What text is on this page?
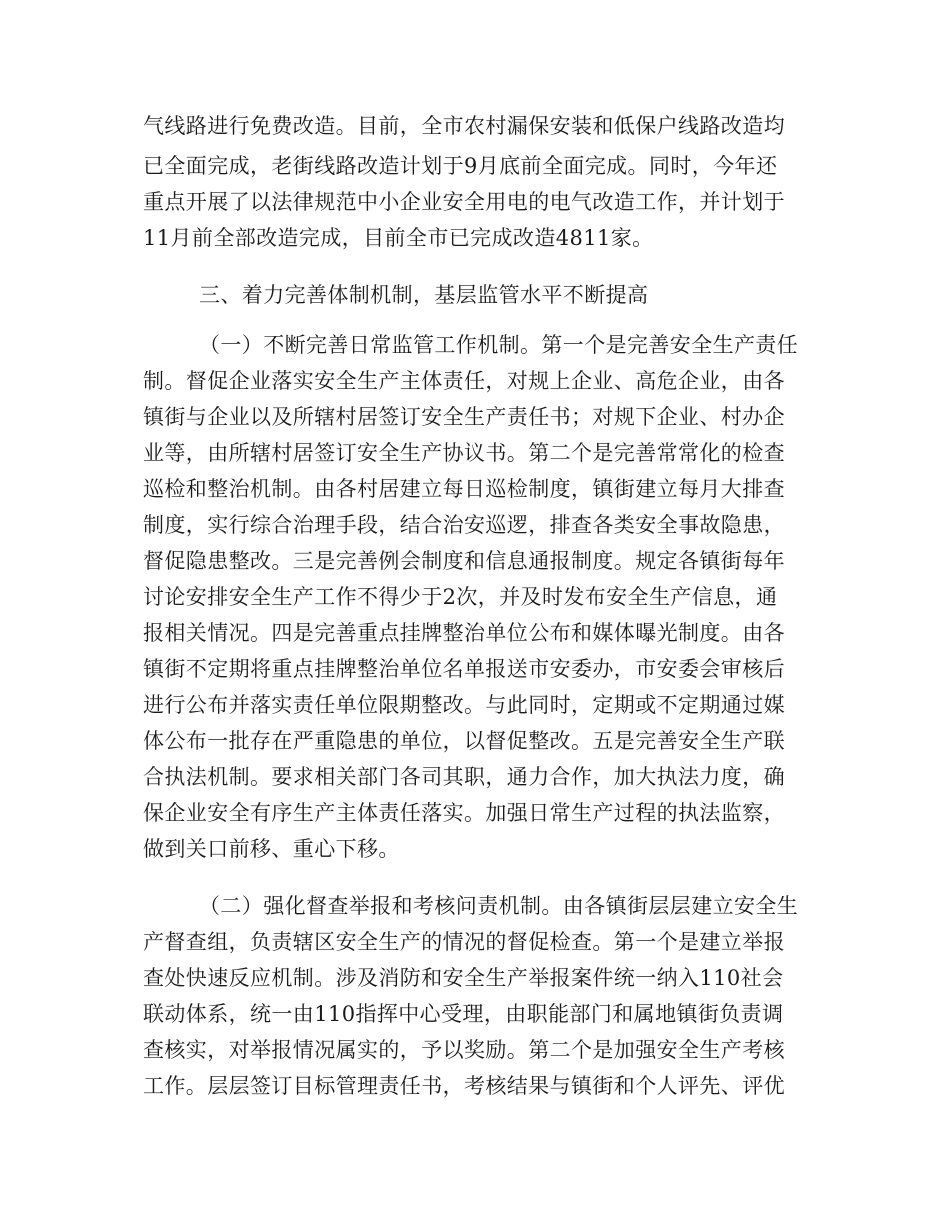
气线路进行免费改造。目前，全市农村漏保安装和低保户线路改造均
已全面完成，老街线路改造计划于9月底前全面完成。同时，今年还
重点开展了以法律规范中小企业安全用电的电气改造工作，并计划于
11月前全部改造完成，目前全市已完成改造4811家。
三、着力完善体制机制，基层监管水平不断提高
（一）不断完善日常监管工作机制。第一个是完善安全生产责任
制。督促企业落实安全生产主体责任，对规上企业、高危企业，由各
镇街与企业以及所辖村居签订安全生产责任书；对规下企业、村办企
业等，由所辖村居签订安全生产协议书。第二个是完善常常化的检查
巡检和整治机制。由各村居建立每日巡检制度，镇街建立每月大排查
制度，实行综合治理手段，结合治安巡逻，排查各类安全事故隐患，
督促隐患整改。三是完善例会制度和信息通报制度。规定各镇街每年
讨论安排安全生产工作不得少于2次，并及时发布安全生产信息，通
报相关情况。四是完善重点挂牌整治单位公布和媒体曝光制度。由各
镇街不定期将重点挂牌整治单位名单报送市安委办，市安委会审核后
进行公布并落实责任单位限期整改。与此同时，定期或不定期通过媒
体公布一批存在严重隐患的单位，以督促整改。五是完善安全生产联
合执法机制。要求相关部门各司其职，通力合作，加大执法力度，确
保企业安全有序生产主体责任落实。加强日常生产过程的执法监察，
做到关口前移、重心下移。
（二）强化督查举报和考核问责机制。由各镇街层层建立安全生
产督查组，负责辖区安全生产的情况的督促检查。第一个是建立举报
查处快速反应机制。涉及消防和安全生产举报案件统一纳入110社会
联动体系，统一由110指挥中心受理，由职能部门和属地镇街负责调
查核实，对举报情况属实的，予以奖励。第二个是加强安全生产考核
工作。层层签订目标管理责任书，考核结果与镇街和个人评先、评优
